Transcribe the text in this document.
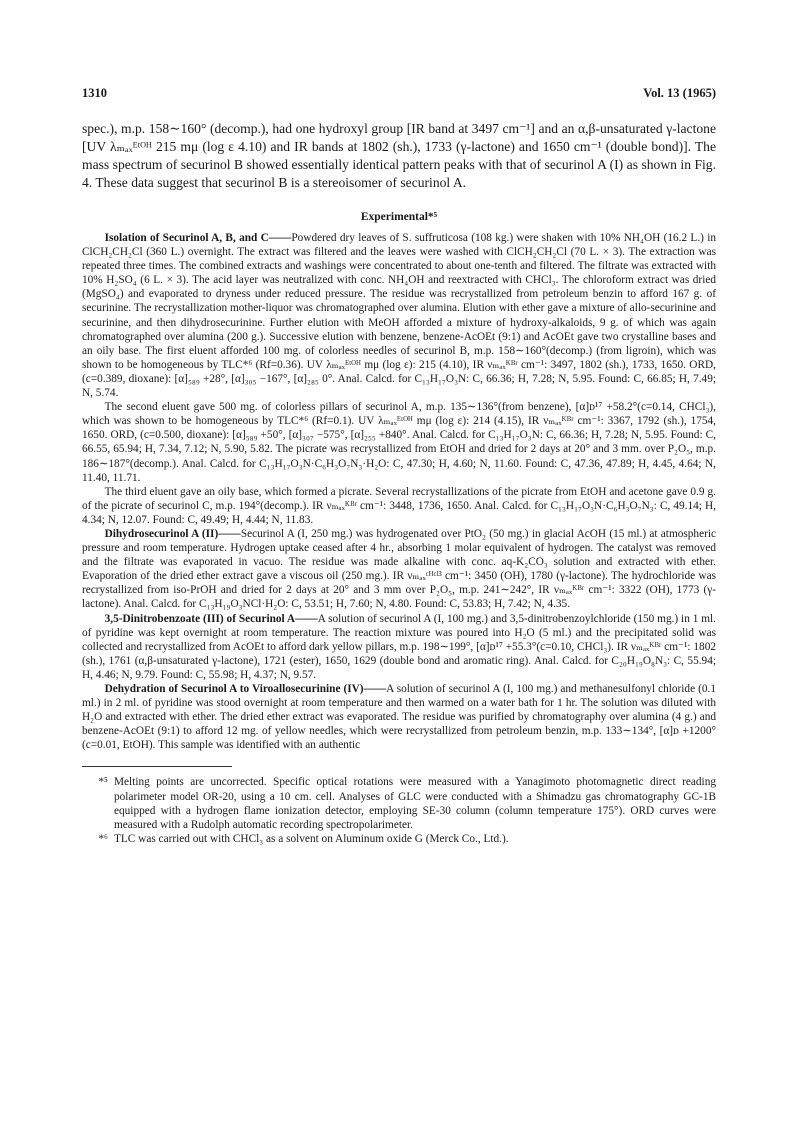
1310	Vol. 13 (1965)
spec.), m.p. 158∼160° (decomp.), had one hydroxyl group [IR band at 3497 cm⁻¹] and an α,β-unsaturated γ-lactone [UV λₘₐₓᴱᵗᴼᴴ 215 mμ (log ε 4.10) and IR bands at 1802 (sh.), 1733 (γ-lactone) and 1650 cm⁻¹ (double bond)]. The mass spectrum of securinol B showed essentially identical pattern peaks with that of securinol A (I) as shown in Fig. 4. These data suggest that securinol B is a stereoisomer of securinol A.
Experimental*⁵

Isolation of Securinol A, B, and C——Powdered dry leaves of S. suffruticosa (108 kg.) were shaken with 10% NH₄OH (16.2 L.) in ClCH₂CH₂Cl (360 L.) overnight. The extract was filtered and the leaves were washed with ClCH₂CH₂Cl (70 L. × 3). The extraction was repeated three times. The combined extracts and washings were concentrated to about one-tenth and filtered. The filtrate was extracted with 10% H₂SO₄ (6 L. × 3). The acid layer was neutralized with conc. NH₄OH and reextracted with CHCl₃. The chloroform extract was dried (MgSO₄) and evaporated to dryness under reduced pressure. The residue was recrystallized from petroleum benzin to afford 167 g. of securinine. The recrystallization mother-liquor was chromatographed over alumina. Elution with ether gave a mixture of allo-securinine and securinine, and then dihydrosecurinine. Further elution with MeOH afforded a mixture of hydroxy-alkaloids, 9 g. of which was again chromatographed over alumina (200 g.). Successive elution with benzene, benzene-AcOEt (9:1) and AcOEt gave two crystalline bases and an oily base. The first eluent afforded 100 mg. of colorless needles of securinol B, m.p. 158∼160°(decomp.) (from ligroin), which was shown to be homogeneous by TLC*⁶ (Rf=0.36). UV λₘₐₓᴱᵗᴼᴴ mμ (log ε): 215 (4.10), IR νₘₐₓᴷᴮʳ cm⁻¹: 3497, 1802 (sh.), 1733, 1650. ORD, (c=0.389, dioxane): [α]₅₈₉ +28°, [α]₃₀₅ −167°, [α]₂₈₅ 0°. Anal. Calcd. for C₁₃H₁₇O₃N: C, 66.36; H, 7.28; N, 5.95. Found: C, 66.85; H, 7.49; N, 5.74.

The second eluent gave 500 mg. of colorless pillars of securinol A, m.p. 135∼136°(from benzene), [α]ᴅ¹⁷ +58.2°(c=0.14, CHCl₃), which was shown to be homogeneous by TLC*⁶ (Rf=0.1). UV λₘₐₓᴱᵗᴼᴴ mμ (log ε): 214 (4.15), IR νₘₐₓᴷᴮʳ cm⁻¹: 3367, 1792 (sh.), 1754, 1650. ORD, (c=0.500, dioxane): [α]₅₈₉ +50°, [α]₃₀₇ −575°, [α]₂₅₅ +840°. Anal. Calcd. for C₁₃H₁₇O₃N: C, 66.36; H, 7.28; N, 5.95. Found: C, 66.55, 65.94; H, 7.34, 7.12; N, 5.90, 5.82. The picrate was recrystallized from EtOH and dried for 2 days at 20° and 3 mm. over P₂O₅, m.p. 186∼187°(decomp.). Anal. Calcd. for C₁₃H₁₇O₃N·C₆H₃O₇N₃·H₂O: C, 47.30; H, 4.60; N, 11.60. Found: C, 47.36, 47.89; H, 4.45, 4.64; N, 11.40, 11.71.

The third eluent gave an oily base, which formed a picrate. Several recrystallizations of the picrate from EtOH and acetone gave 0.9 g. of the picrate of securinol C, m.p. 194°(decomp.). IR νₘₐₓᴷᴮʳ cm⁻¹: 3448, 1736, 1650. Anal. Calcd. for C₁₃H₁₇O₃N·C₆H₃O₇N₃: C, 49.14; H, 4.34; N, 12.07. Found: C, 49.49; H, 4.44; N, 11.83.

Dihydrosecurinol A (II)——Securinol A (I, 250 mg.) was hydrogenated over PtO₂ (50 mg.) in glacial AcOH (15 ml.) at atmospheric pressure and room temperature. Hydrogen uptake ceased after 4 hr., absorbing 1 molar equivalent of hydrogen. The catalyst was removed and the filtrate was evaporated in vacuo. The residue was made alkaline with conc. aq-K₂CO₃ solution and extracted with ether. Evaporation of the dried ether extract gave a viscous oil (250 mg.). IR νₘₐₓᶜᴴᶜˡ³ cm⁻¹: 3450 (OH), 1780 (γ-lactone). The hydrochloride was recrystallized from iso-PrOH and dried for 2 days at 20° and 3 mm over P₂O₅, m.p. 241∼242°, IR νₘₐₓᴷᴮʳ cm⁻¹: 3322 (OH), 1773 (γ-lactone). Anal. Calcd. for C₁₃H₁₉O₃NCl·H₂O: C, 53.51; H, 7.60; N, 4.80. Found: C, 53.83; H, 7.42; N, 4.35.

3,5-Dinitrobenzoate (III) of Securinol A——A solution of securinol A (I, 100 mg.) and 3,5-dinitrobenzoylchloride (150 mg.) in 1 ml. of pyridine was kept overnight at room temperature. The reaction mixture was poured into H₂O (5 ml.) and the precipitated solid was collected and recrystallized from AcOEt to afford dark yellow pillars, m.p. 198∼199°, [α]ᴅ¹⁷ +55.3°(c=0.10, CHCl₃). IR νₘₐₓᴷᴮʳ cm⁻¹: 1802 (sh.), 1761 (α,β-unsaturated γ-lactone), 1721 (ester), 1650, 1629 (double bond and aromatic ring). Anal. Calcd. for C₂₀H₁₉O₈N₃: C, 55.94; H, 4.46; N, 9.79. Found: C, 55.98; H, 4.37; N, 9.57.

Dehydration of Securinol A to Viroallosecurinine (IV)——A solution of securinol A (I, 100 mg.) and methanesulfonyl chloride (0.1 ml.) in 2 ml. of pyridine was stood overnight at room temperature and then warmed on a water bath for 1 hr. The solution was diluted with H₂O and extracted with ether. The dried ether extract was evaporated. The residue was purified by chromatography over alumina (4 g.) and benzene-AcOEt (9:1) to afford 12 mg. of yellow needles, which were recrystallized from petroleum benzin, m.p. 133∼134°, [α]ᴅ +1200°(c=0.01, EtOH). This sample was identified with an authentic

*⁵ Melting points are uncorrected. Specific optical rotations were measured with a Yanagimoto photomagnetic direct reading polarimeter model OR-20, using a 10 cm. cell. Analyses of GLC were conducted with a Shimadzu gas chromatography GC-1B equipped with a hydrogen flame ionization detector, employing SE-30 column (column temperature 175°). ORD curves were measured with a Rudolph automatic recording spectropolarimeter.
*⁶ TLC was carried out with CHCl₃ as a solvent on Aluminum oxide G (Merck Co., Ltd.).
